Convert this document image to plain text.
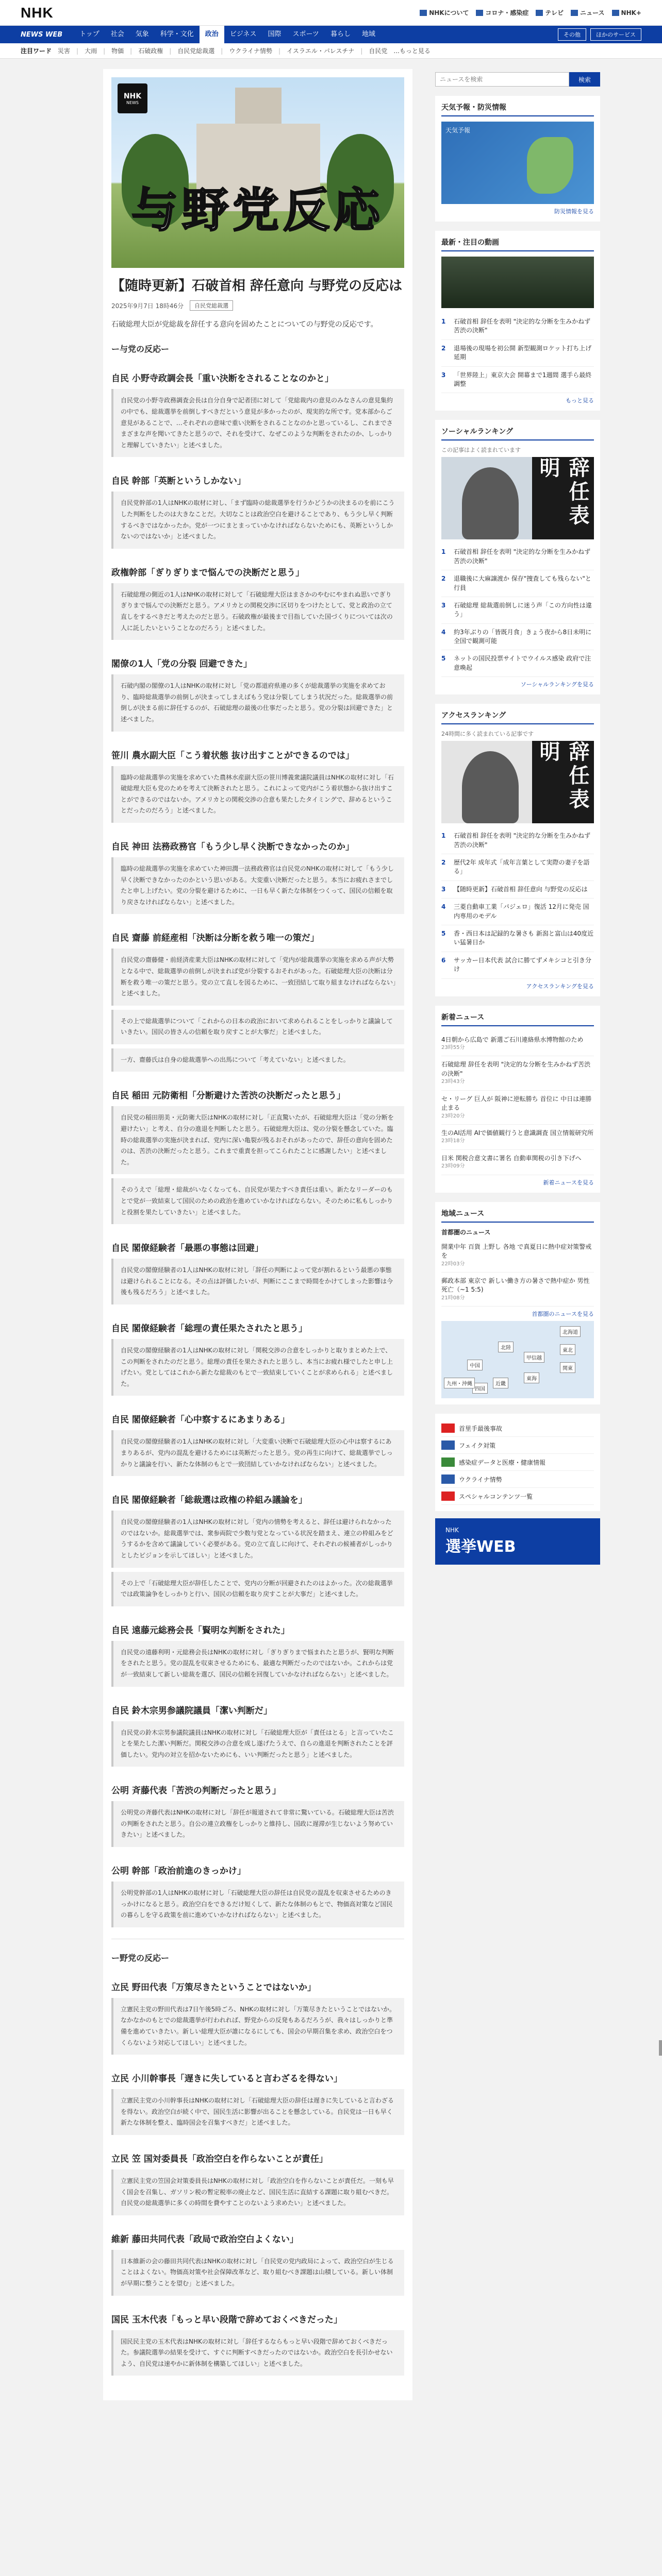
NHK	NHKについて	コロナ・感染症	テレビ	ニュース	NHK+
NEWS WEB	トップ	社会	気象	科学・文化	政治	ビジネス	国際	スポーツ	暮らし	地域	その他	ほかのサービス
注目ワード 災害 | 大雨 | 物価 | 石破政権 | 自民党総裁選 | ウクライナ情勢 | イスラエル・パレスチナ | 自民党 ...もっと見る
NHK
NEWS
与野党反応
【随時更新】石破首相 辞任意向 与野党の反応は
2025年9月7日 18時46分	自民党総裁選

石破総理大臣が党総裁を辞任する意向を固めたことについての与野党の反応です。

ー与党の反応ー
自民 小野寺政調会長「重い決断をされることなのかと」
自民党の小野寺政務調査会長は自分自身で記者団に対して「党総裁内の意見のみなさんの意見集約の中でも、総裁選挙を前倒しすべきだという意見が多かったのが、現実的な所です。党本部からご意見があることで、…それぞれの意味で重い決断をされることなのかと思っているし、これまでさまざまな声を聞いてきたと思うので、それを受けて、なぜこのような判断をされたのか、しっかりと理解していきたい」と述べました。
自民 幹部「英断というしかない」
自民党幹部の1人はNHKの取材に対し、「まず臨時の総裁選挙を行うかどうかの決まるのを前にこうした判断をしたのは大きなことだ。大切なことは政治空白を避けることであり、もう少し早く判断するべきではなかったか。党が一つにまとまっていかなければならないためにも、英断というしかないのではないか」と述べました。
政権幹部「ぎりぎりまで悩んでの決断だと思う」
石破総理の側近の1人はNHKの取材に対して「石破総理大臣はまさかのやむにやまれぬ思いでぎりぎりまで悩んでの決断だと思う。アメリカとの関税交渉に区切りをつけたとして、党と政治の立て直しをするべきだと考えたのだと思う。石破政権が最後まで目指していた国づくりについては次の人に託したいということなのだろう」と述べました。
閣僚の1人「党の分裂 回避できた」
石破内閣の閣僚の1人はNHKの取材に対し「党の都道府県連の多くが総裁選挙の実施を求めており、臨時総裁選挙の前倒しが決まってしまえばもう党は分裂してしまう状況だった。総裁選挙の前倒しが決まる前に辞任するのが、石破総理の最後の仕事だったと思う。党の分裂は回避できた」と述べました。
笹川 農水副大臣「こう着状態 抜け出すことができるのでは」
臨時の総裁選挙の実施を求めていた農林水産副大臣の笹川博義衆議院議員はNHKの取材に対し「石破総理大臣も党のためを考えて決断されたと思う。これによって党内がこう着状態から抜け出すことができるのではないか。アメリカとの関税交渉の合意も果たしたタイミングで、辞めるということだったのだろう」と述べました。
自民 神田 法務政務官「もう少し早く決断できなかったのか」
臨時の総裁選挙の実施を求めていた神田潤一法務政務官は自民党のNHKの取材に対して「もう少し早く決断できなかったのかという思いがある。大変重い決断だったと思う。本当にお疲れさまでしたと申し上げたい。党の分裂を避けるために、一日も早く新たな体制をつくって、国民の信頼を取り戻さなければならない」と述べました。
自民 齋藤 前経産相「決断は分断を救う唯一の策だ」
自民党の齋藤健・前経済産業大臣はNHKの取材に対して「党内が総裁選挙の実施を求める声が大勢となる中で、総裁選挙の前倒しが決まれば党が分裂するおそれがあった。石破総理大臣の決断は分断を救う唯一の策だと思う。党の立て直しを図るために、一致団結して取り組まなければならない」と述べました。
その上で総裁選挙について「これからの日本の政治において求められることをしっかりと議論していきたい。国民の皆さんの信頼を取り戻すことが大事だ」と述べました。
一方、齋藤氏は自身の総裁選挙への出馬について「考えていない」と述べました。
自民 稲田 元防衛相「分断避けた苦渋の決断だったと思う」
自民党の稲田朋美・元防衛大臣はNHKの取材に対し「正直驚いたが、石破総理大臣は「党の分断を避けたい」と考え、自分の進退を判断したと思う。石破総理大臣は、党の分裂を懸念していた。臨時の総裁選挙の実施が決まれば、党内に深い亀裂が残るおそれがあったので、辞任の意向を固めたのは、苦渋の決断だったと思う。これまで重責を担ってこられたことに感謝したい」と述べました。
そのうえで「総理・総裁がいなくなっても、自民党が果たすべき責任は重い。新たなリーダーのもとで党が一致結束して国民のための政治を進めていかなければならない。そのために私もしっかりと役割を果たしていきたい」と述べました。
自民 閣僚経験者「最悪の事態は回避」
自民党の閣僚経験者の1人はNHKの取材に対し「辞任の判断によって党が割れるという最悪の事態は避けられることになる。その点は評価したいが、判断にここまで時間をかけてしまった影響は今後も残るだろう」と述べました。
自民 閣僚経験者「総理の責任果たされたと思う」
自民党の閣僚経験者の1人はNHKの取材に対し「関税交渉の合意をしっかりと取りまとめた上で、この判断をされたのだと思う。総理の責任を果たされたと思うし、本当にお疲れ様でしたと申し上げたい。党としてはこれから新たな総裁のもとで一致結束していくことが求められる」と述べました。
自民 閣僚経験者「心中察するにあまりある」
自民党の閣僚経験者の1人はNHKの取材に対し「大変重い決断で石破総理大臣の心中は察するにあまりあるが、党内の混乱を避けるためには英断だったと思う。党の再生に向けて、総裁選挙でしっかりと議論を行い、新たな体制のもとで一致団結していかなければならない」と述べました。
自民 閣僚経験者「総裁選は政権の枠組み議論を」
自民党の閣僚経験者の1人はNHKの取材に対し「党内の情勢を考えると、辞任は避けられなかったのではないか。総裁選挙では、衆参両院で少数与党となっている状況を踏まえ、連立の枠組みをどうするかを含めて議論していく必要がある。党の立て直しに向けて、それぞれの候補者がしっかりとしたビジョンを示してほしい」と述べました。
その上で「石破総理大臣が辞任したことで、党内の分断が回避されたのはよかった。次の総裁選挙では政策論争をしっかりと行い、国民の信頼を取り戻すことが大事だ」と述べました。
自民 遠藤元総務会長「賢明な判断をされた」
自民党の遠藤利明・元総務会長はNHKの取材に対し「ぎりぎりまで悩まれたと思うが、賢明な判断をされたと思う。党の混乱を収束させるためにも、最適な判断だったのではないか。これからは党が一致結束して新しい総裁を選び、国民の信頼を回復していかなければならない」と述べました。
自民 鈴木宗男参議院議員「潔い判断だ」
自民党の鈴木宗男参議院議員はNHKの取材に対し「石破総理大臣が「責任はとる」と言っていたことを果たした潔い判断だ。関税交渉の合意を成し遂げたうえで、自らの進退を判断されたことを評価したい。党内の対立を招かないためにも、いい判断だったと思う」と述べました。
公明 斉藤代表「苦渋の判断だったと思う」
公明党の斉藤代表はNHKの取材に対し「辞任が報道されて非常に驚いている。石破総理大臣は苦渋の判断をされたと思う。自公の連立政権をしっかりと維持し、国政に遅滞が生じないよう努めていきたい」と述べました。
公明 幹部「政治前進のきっかけ」
公明党幹部の1人はNHKの取材に対し「石破総理大臣の辞任は自民党の混乱を収束させるためのきっかけになると思う。政治空白をできるだけ短くして、新たな体制のもとで、物価高対策など国民の暮らしを守る政策を前に進めていかなければならない」と述べました。
ー野党の反応ー
立民 野田代表「万策尽きたということではないか」
立憲民主党の野田代表は7日午後5時ごろ、NHKの取材に対し「万策尽きたということではないか。なかなかのもとでの総裁選挙が行われれば、野党からの反発もあるだろうが、我々はしっかりと準備を進めていきたい。新しい総理大臣が誰になるにしても、国会の早期召集を求め、政治空白をつくらないよう対応してほしい」と述べました。
立民 小川幹事長「遅きに失していると言わざるを得ない」
立憲民主党の小川幹事長はNHKの取材に対し「石破総理大臣の辞任は遅きに失していると言わざるを得ない。政治空白が続く中で、国民生活に影響が出ることを懸念している。自民党は一日も早く新たな体制を整え、臨時国会を召集すべきだ」と述べました。
立民 笠 国対委員長「政治空白を作らないことが責任」
立憲民主党の笠国会対策委員長はNHKの取材に対し「政治空白を作らないことが責任だ。一刻も早く国会を召集し、ガソリン税の暫定税率の廃止など、国民生活に直結する課題に取り組むべきだ。自民党の総裁選挙に多くの時間を費やすことのないよう求めたい」と述べました。
維新 藤田共同代表「政局で政治空白よくない」
日本維新の会の藤田共同代表はNHKの取材に対し「自民党の党内政局によって、政治空白が生じることはよくない。物価高対策や社会保障改革など、取り組むべき課題は山積している。新しい体制が早期に整うことを望む」と述べました。
国民 玉木代表「もっと早い段階で辞めておくべきだった」
国民民主党の玉木代表はNHKの取材に対し「辞任するならもっと早い段階で辞めておくべきだった。参議院選挙の結果を受けて、すぐに判断すべきだったのではないか。政治空白を長引かせないよう、自民党は速やかに新体制を構築してほしい」と述べました。
ニュースを検索
検索
天気予報・防災情報
天気予報
防災情報を見る
最新・注目の動画
1	石破首相 辞任を表明 "決定的な分断を生みかねず苦渋の決断"
2	退場後の現場を初公開 新型観測ロケット打ち上げ延期
3	「世界陸上」東京大会 開幕まで1週間 選手ら最終調整
もっと見る
ソーシャルランキング
この記事はよく読まれています
辞任表明
1	石破首相 辞任を表明 "決定的な分断を生みかねず苦渋の決断"
2	退職後に大麻譲渡か 保存"捜査しても残らない"と行員
3	石破総理 総裁選前倒しに迷う声「この方向性は違う」
4	約3年ぶりの「皆既月食」きょう夜から8日未明に全国で観測可能
5	ネットの国民投票サイトでウイルス感染 政府で注意喚起
ソーシャルランキングを見る
アクセスランキング
24時間に多く読まれている記事です
辞任表明
1	石破首相 辞任を表明 "決定的な分断を生みかねず苦渋の決断"
2	歴代2年 成年式「成年言葉として実際の妻子を語る」
3	【随時更新】石破首相 辞任意向 与野党の反応は
4	三菱自動車工業「パジェロ」復活 12月に発売 国内専用のモデル
5	香・西日本は記録的な暑さも 新潟と富山は40度近い猛暑日か
6	サッカー日本代表 試合に勝てずメキシコと引き分け
アクセスランキングを見る
新着ニュース
4日朝から広島で 新選ご石川連絡県水博物館のため
23時55分
石破総理 辞任を表明 "決定的な分断を生みかねず苦渋の決断"
23時43分
セ・リーグ 巨人が 阪神に逆転勝ち 首位に 中日は連勝止まる
23時20分
生のAI活用 AIで価値観行うと意識調査 国立情報研究所
23時18分
日米 関税合意文書に署名 自動車関税の引き下げへ
23時09分
新着ニュースを見る
地域ニュース
首都圏のニュース
開業中年 百貨 上野し 各地 で真夏日に熱中症対策警戒を
22時03分
郵政本部 東京で 新しい働き方の暑さで熱中症か 男性死亡（~1 5:5)
21時08分
首都圏のニュースを見る
北海道
東北
関東
甲信越
東海
北陸
近畿
中国
四国
九州・沖縄
首里手最後事故
フェイク対策
感染症データと医療・健康情報
ウクライナ情勢
スペシャルコンテンツ一覧
NHK
選挙WEB
